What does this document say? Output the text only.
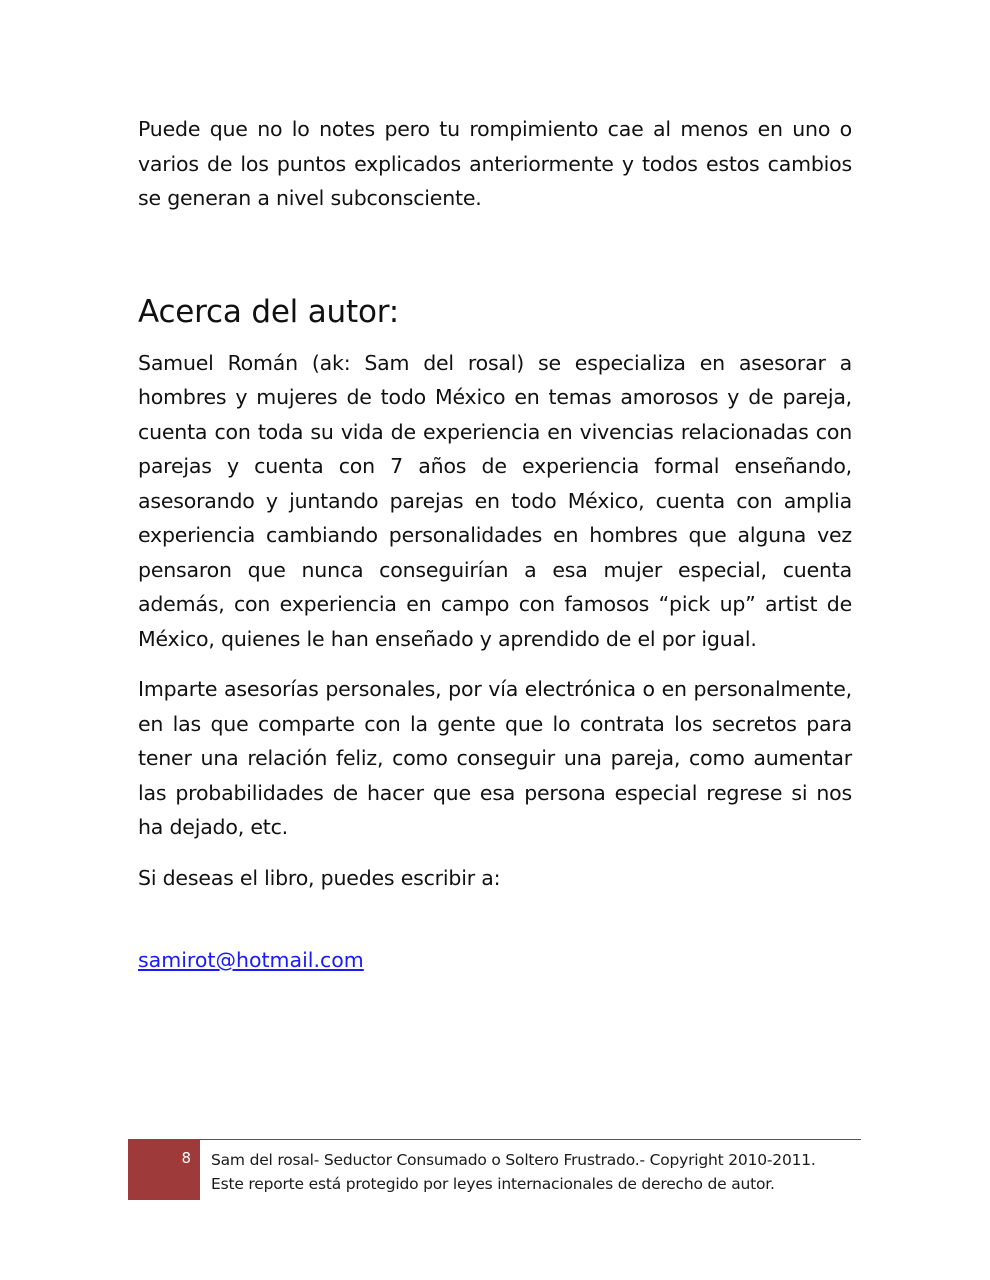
Puede que no lo notes pero tu rompimiento cae al menos en uno o varios de los puntos explicados anteriormente y todos estos cambios se generan a nivel subconsciente.

Acerca del autor:

Samuel Román (ak: Sam del rosal) se especializa en asesorar a hombres y mujeres de todo México en temas amorosos y de pareja, cuenta con toda su vida de experiencia en vivencias relacionadas con parejas y cuenta con 7 años de experiencia formal enseñando, asesorando y juntando parejas en todo México, cuenta con amplia experiencia cambiando personalidades en hombres que alguna vez pensaron que nunca conseguirían a esa mujer especial, cuenta además, con experiencia en campo con famosos “pick up” artist de México, quienes le han enseñado y aprendido de el por igual.

Imparte asesorías personales, por vía electrónica o en personalmente, en las que comparte con la gente que lo contrata los secretos para tener una relación feliz, como conseguir una pareja, como aumentar las probabilidades de hacer que esa persona especial regrese si nos ha dejado, etc.

Si deseas el libro, puedes escribir a:

samirot@hotmail.com
8 Sam del rosal- Seductor Consumado o Soltero Frustrado.- Copyright 2010-2011.
Este reporte está protegido por leyes internacionales de derecho de autor.
